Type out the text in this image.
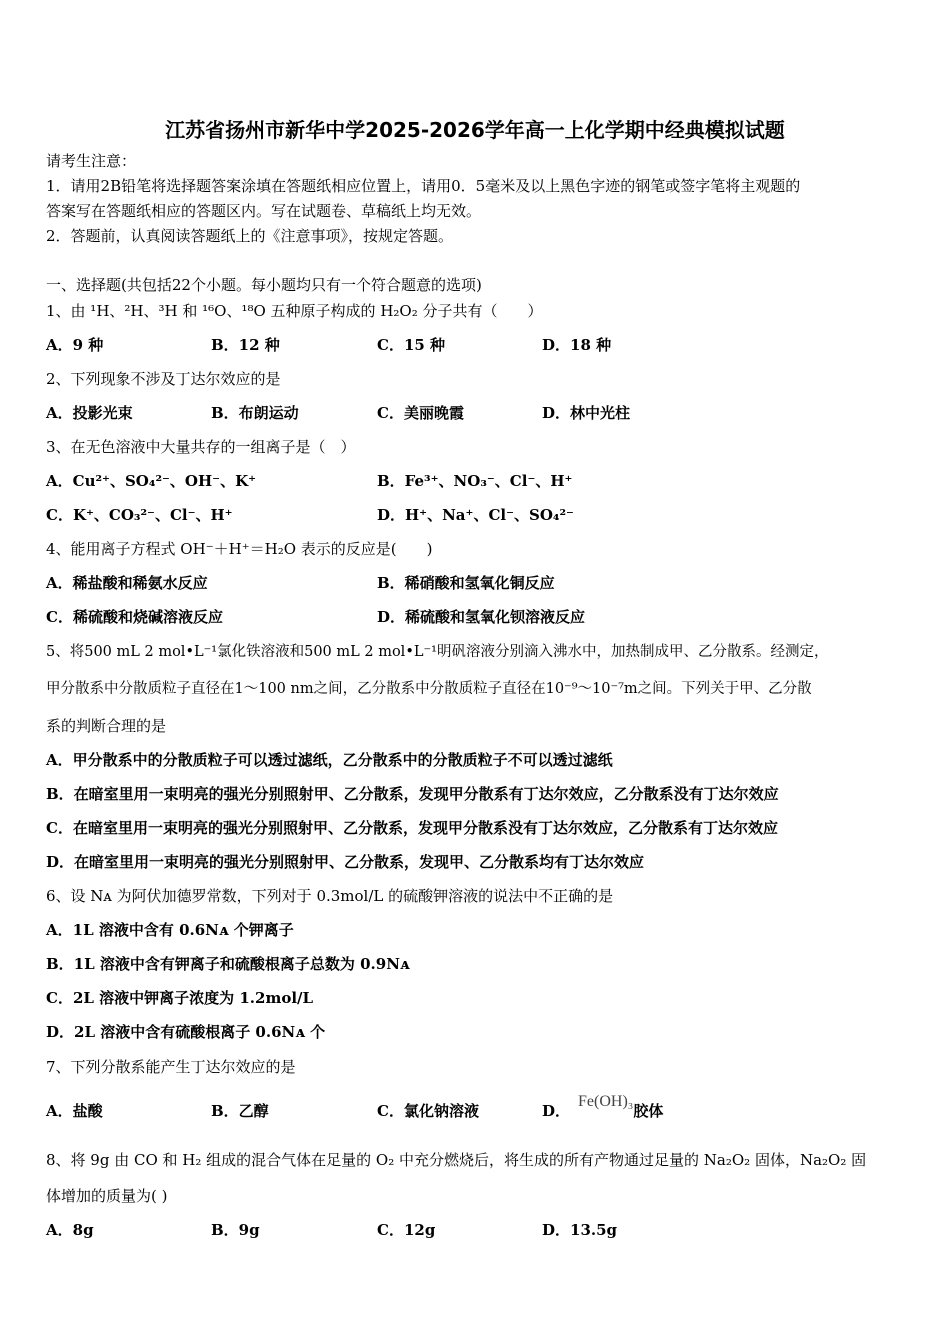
江苏省扬州市新华中学2025-2026学年高一上化学期中经典模拟试题
请考生注意：
1．请用2B铅笔将选择题答案涂填在答题纸相应位置上，请用0．5毫米及以上黑色字迹的钢笔或签字笔将主观题的
答案写在答题纸相应的答题区内。写在试题卷、草稿纸上均无效。
2．答题前，认真阅读答题纸上的《注意事项》，按规定答题。
一、选择题(共包括22个小题。每小题均只有一个符合题意的选项)
1、由 ¹H、²H、³H 和 ¹⁶O、¹⁸O 五种原子构成的 H₂O₂ 分子共有（　　）
A．9 种	B．12 种	C．15 种	D．18 种
2、下列现象不涉及丁达尔效应的是
A．投影光束	B．布朗运动	C．美丽晚霞	D．林中光柱
3、在无色溶液中大量共存的一组离子是（　）
A．Cu²⁺、SO₄²⁻、OH⁻、K⁺	B．Fe³⁺、NO₃⁻、Cl⁻、H⁺
C．K⁺、CO₃²⁻、Cl⁻、H⁺	D．H⁺、Na⁺、Cl⁻、SO₄²⁻
4、能用离子方程式 OH⁻＋H⁺＝H₂O 表示的反应是(　　)
A．稀盐酸和稀氨水反应	B．稀硝酸和氢氧化铜反应
C．稀硫酸和烧碱溶液反应	D．稀硫酸和氢氧化钡溶液反应
5、将500 mL 2 mol•L⁻¹氯化铁溶液和500 mL 2 mol•L⁻¹明矾溶液分别滴入沸水中，加热制成甲、乙分散系。经测定，
甲分散系中分散质粒子直径在1～100 nm之间，乙分散系中分散质粒子直径在10⁻⁹～10⁻⁷m之间。下列关于甲、乙分散
系的判断合理的是
A．甲分散系中的分散质粒子可以透过滤纸，乙分散系中的分散质粒子不可以透过滤纸
B．在暗室里用一束明亮的强光分别照射甲、乙分散系，发现甲分散系有丁达尔效应，乙分散系没有丁达尔效应
C．在暗室里用一束明亮的强光分别照射甲、乙分散系，发现甲分散系没有丁达尔效应，乙分散系有丁达尔效应
D．在暗室里用一束明亮的强光分别照射甲、乙分散系，发现甲、乙分散系均有丁达尔效应
6、设 Nᴀ 为阿伏加德罗常数，下列对于 0.3mol/L 的硫酸钾溶液的说法中不正确的是
A．1L 溶液中含有 0.6Nᴀ 个钾离子
B．1L 溶液中含有钾离子和硫酸根离子总数为 0.9Nᴀ
C．2L 溶液中钾离子浓度为 1.2mol/L
D．2L 溶液中含有硫酸根离子 0.6Nᴀ 个
7、下列分散系能产生丁达尔效应的是
A．盐酸	B．乙醇	C．氯化钠溶液	D．Fe(OH)₃胶体
8、将 9g 由 CO 和 H₂ 组成的混合气体在足量的 O₂ 中充分燃烧后，将生成的所有产物通过足量的 Na₂O₂ 固体，Na₂O₂ 固
体增加的质量为( )
A．8g	B．9g	C．12g	D．13.5g
